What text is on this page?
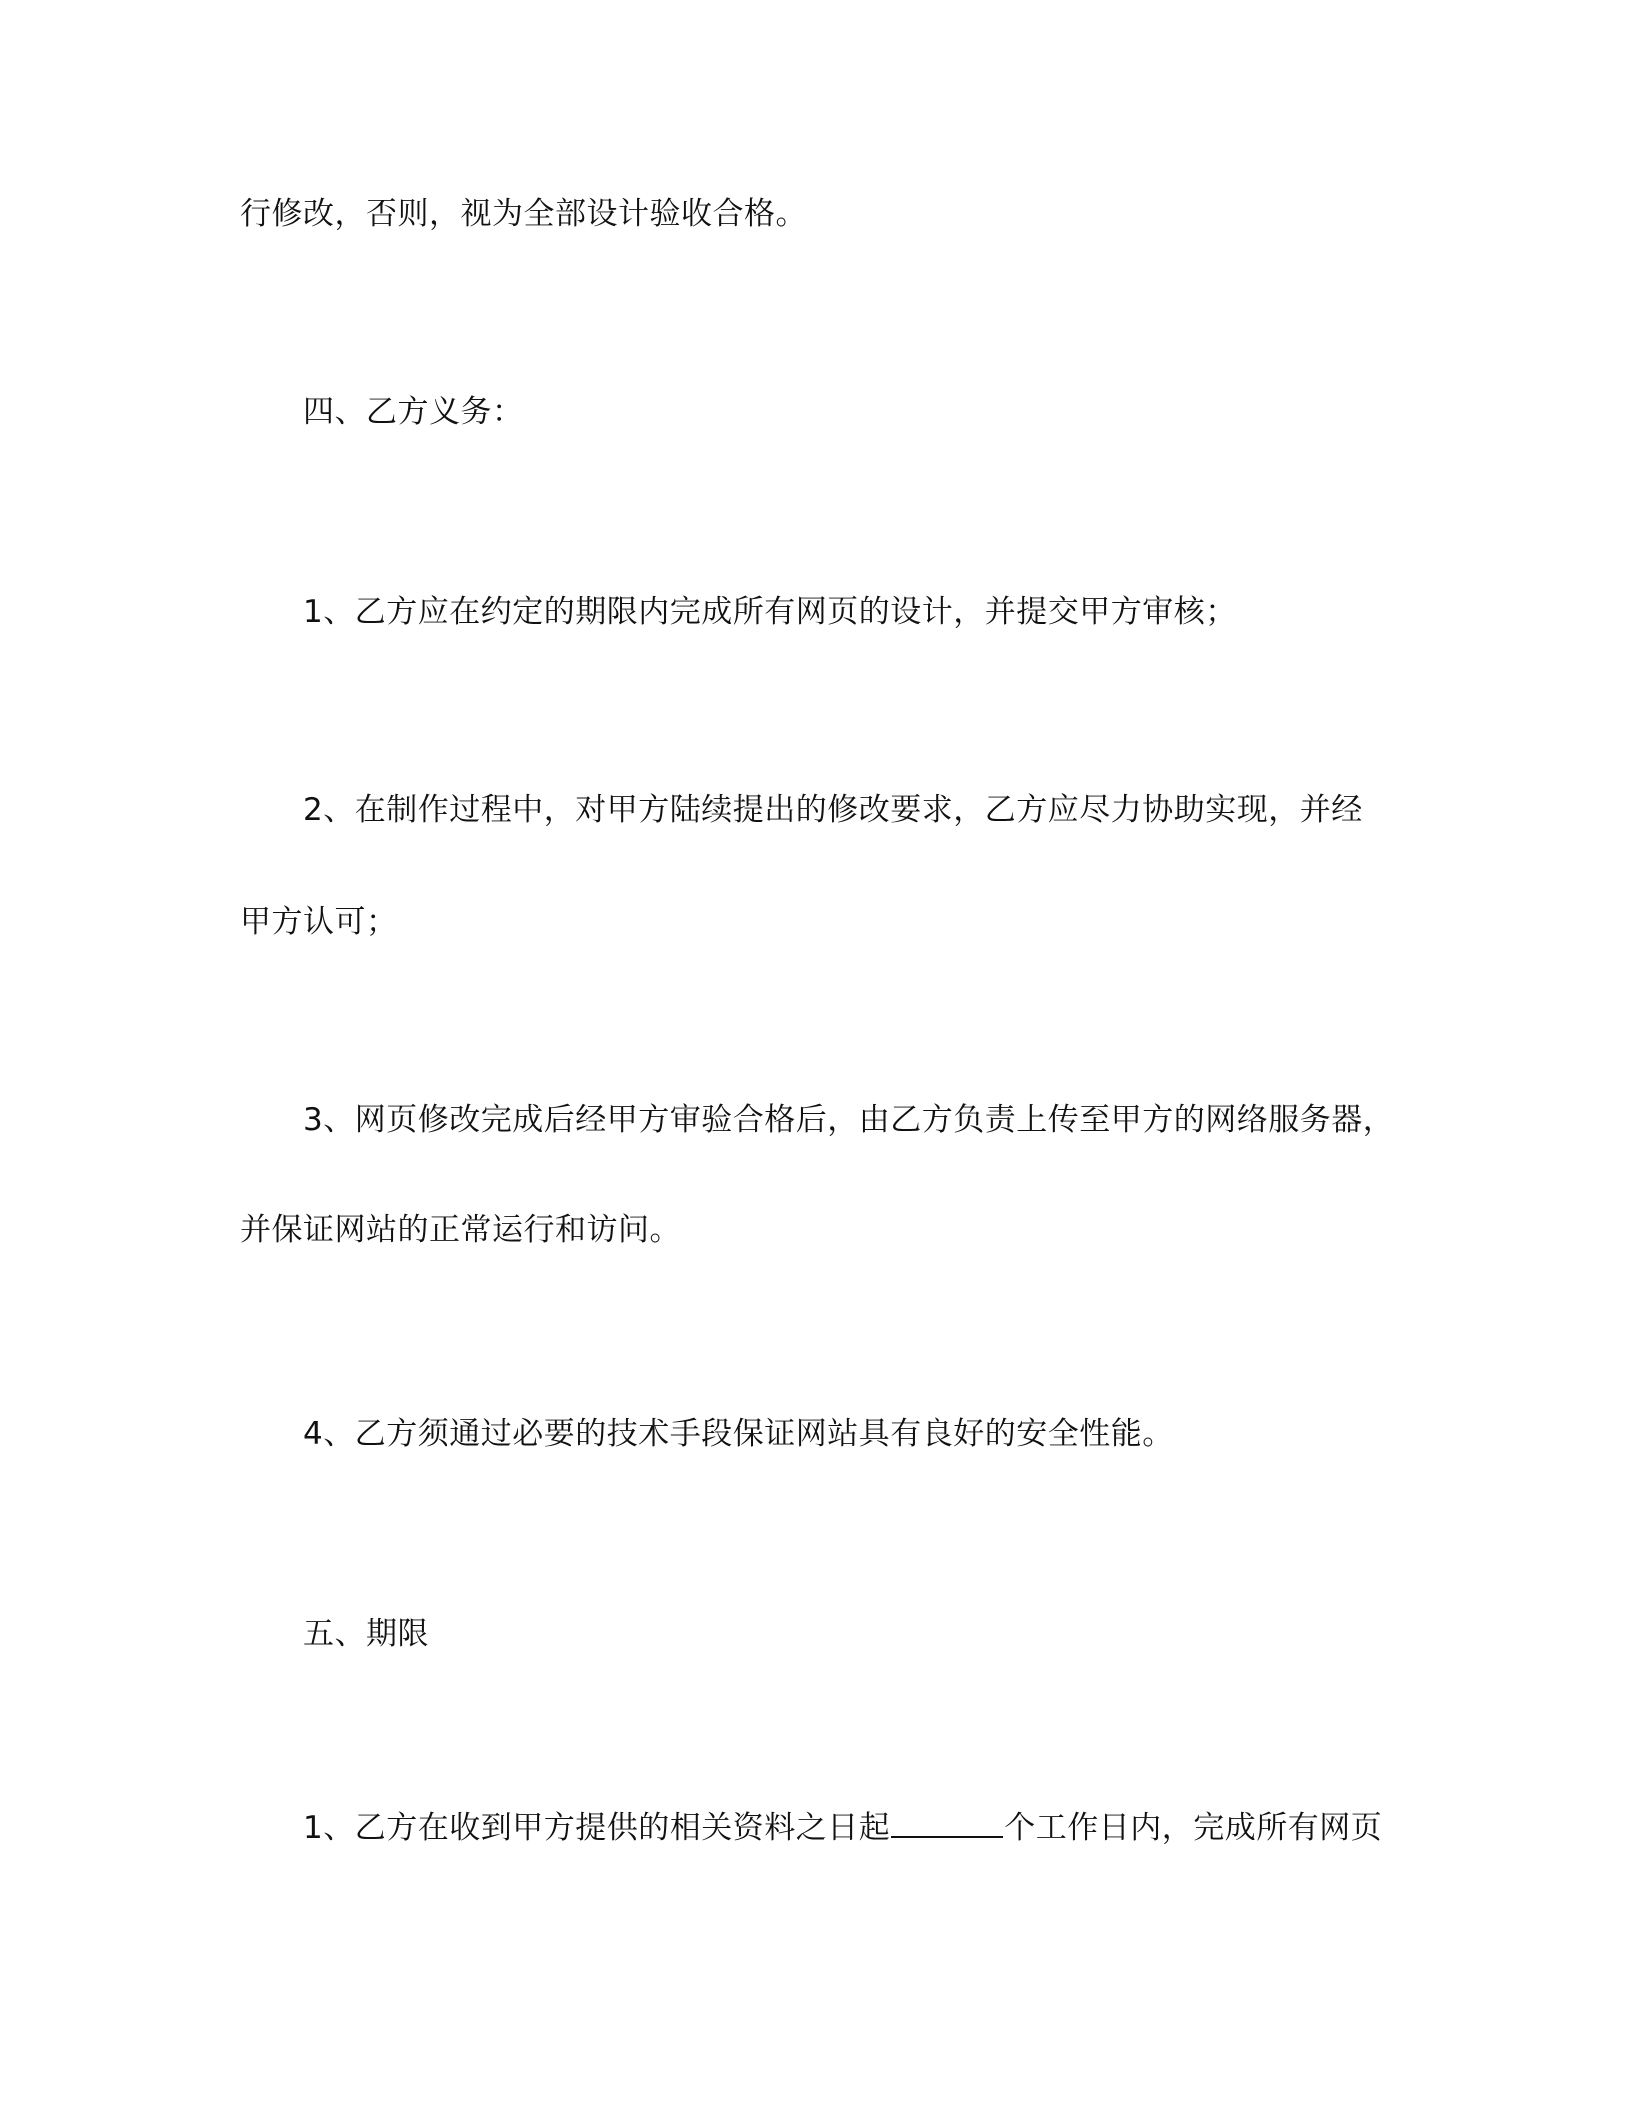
行修改，否则，视为全部设计验收合格。
四、乙方义务：
1、乙方应在约定的期限内完成所有网页的设计，并提交甲方审核；
2、在制作过程中，对甲方陆续提出的修改要求，乙方应尽力协助实现，并经
甲方认可；
3、网页修改完成后经甲方审验合格后，由乙方负责上传至甲方的网络服务器，
并保证网站的正常运行和访问。
4、乙方须通过必要的技术手段保证网站具有良好的安全性能。
五、期限
1、乙方在收到甲方提供的相关资料之日起	个工作日内，完成所有网页
